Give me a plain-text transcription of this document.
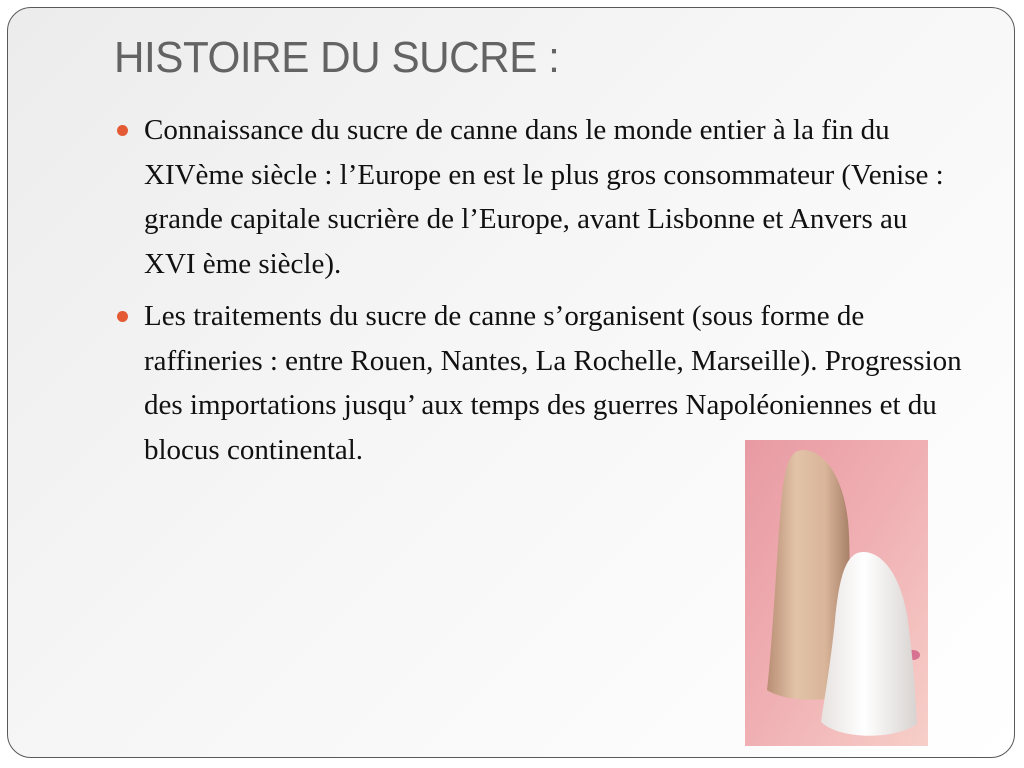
HISTOIRE DU SUCRE :
Connaissance du sucre de canne dans le monde entier à la fin du XIVème siècle : l’Europe en est le plus gros consommateur (Venise : grande capitale sucrière de l’Europe, avant Lisbonne et Anvers au XVI ème siècle).
Les traitements du sucre de canne s’organisent (sous forme de raffineries : entre Rouen, Nantes, La Rochelle, Marseille). Progression des importations jusqu’ aux temps des guerres Napoléoniennes et du blocus continental.
